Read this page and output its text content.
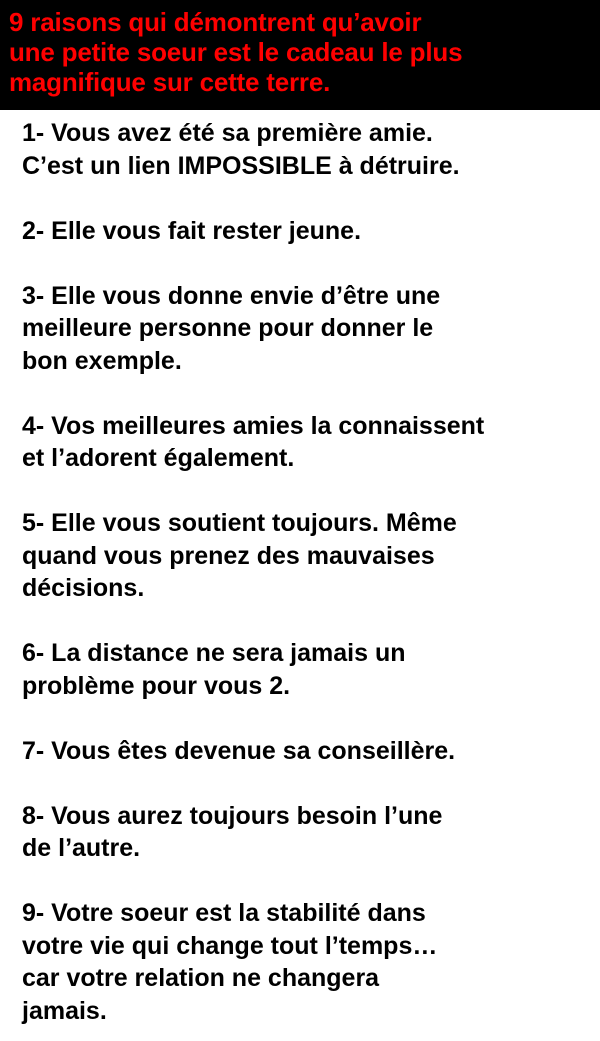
9 raisons qui démontrent qu’avoir
une petite soeur est le cadeau le plus
magnifique sur cette terre.
1- Vous avez été sa première amie.
C’est un lien IMPOSSIBLE à détruire.
2- Elle vous fait rester jeune.
3- Elle vous donne envie d’être une
meilleure personne pour donner le
bon exemple.
4- Vos meilleures amies la connaissent
et l’adorent également.
5- Elle vous soutient toujours. Même
quand vous prenez des mauvaises
décisions.
6- La distance ne sera jamais un
problème pour vous 2.
7- Vous êtes devenue sa conseillère.
8- Vous aurez toujours besoin l’une
de l’autre.
9- Votre soeur est la stabilité dans
votre vie qui change tout l’temps…
car votre relation ne changera
jamais.
